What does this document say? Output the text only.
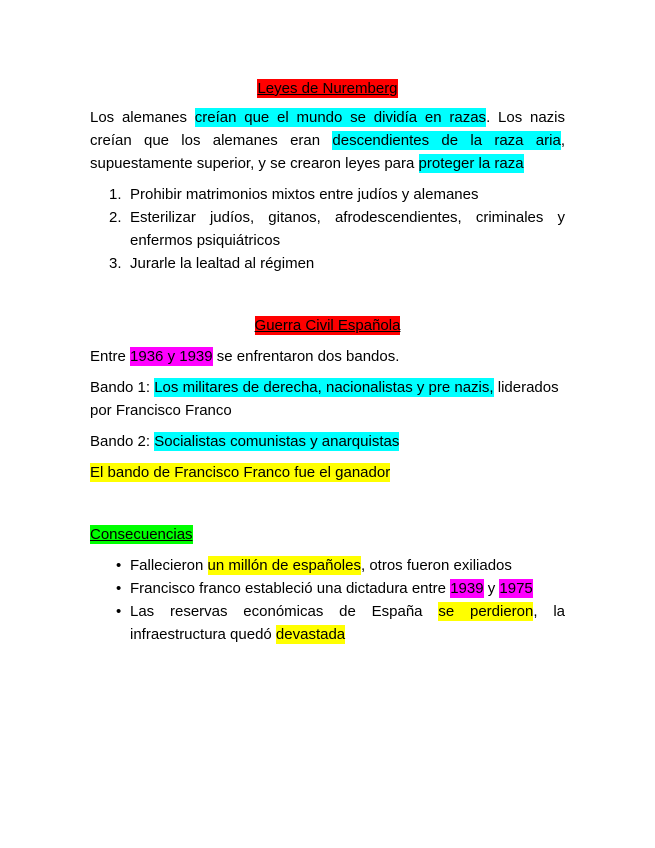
Leyes de Nuremberg
Los alemanes creían que el mundo se dividía en razas. Los nazis creían que los alemanes eran descendientes de la raza aria, supuestamente superior, y se crearon leyes para proteger la raza
1. Prohibir matrimonios mixtos entre judíos y alemanes
2. Esterilizar judíos, gitanos, afrodescendientes, criminales y enfermos psiquiátricos
3. Jurarle la lealtad al régimen
Guerra Civil Española
Entre 1936 y 1939 se enfrentaron dos bandos.
Bando 1: Los militares de derecha, nacionalistas y pre nazis, liderados por Francisco Franco
Bando 2: Socialistas comunistas y anarquistas
El bando de Francisco Franco fue el ganador
Consecuencias
• Fallecieron un millón de españoles, otros fueron exiliados
• Francisco franco estableció una dictadura entre 1939 y 1975
• Las reservas económicas de España se perdieron, la infraestructura quedó devastada
